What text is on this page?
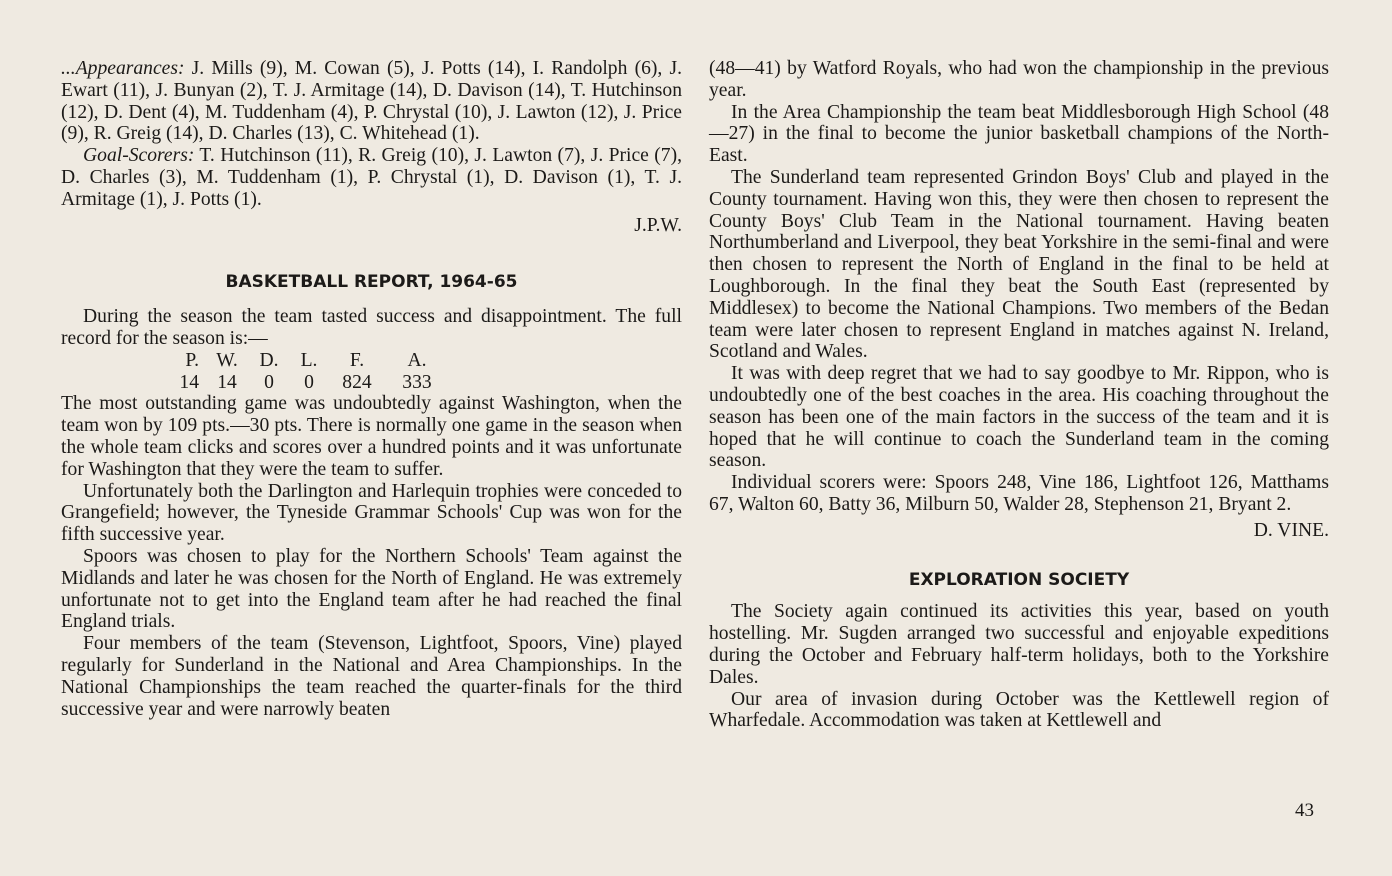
...Appearances: J. Mills (9), M. Cowan (5), J. Potts (14), I. Randolph (6), J. Ewart (11), J. Bunyan (2), T. J. Armitage (14), D. Davison (14), T. Hutchinson (12), D. Dent (4), M. Tuddenham (4), P. Chrystal (10), J. Lawton (12), J. Price (9), R. Greig (14), D. Charles (13), C. Whitehead (1).

Goal-Scorers: T. Hutchinson (11), R. Greig (10), J. Lawton (7), J. Price (7), D. Charles (3), M. Tuddenham (1), P. Chrystal (1), D. Davison (1), T. J. Armitage (1), J. Potts (1).

J.P.W.

BASKETBALL REPORT, 1964-65

During the season the team tasted success and disappointment. The full record for the season is:—

P. W.	D.	L.	F.	A.
14 14	0	0	824	333

The most outstanding game was undoubtedly against Washington, when the team won by 109 pts.—30 pts. There is normally one game in the season when the whole team clicks and scores over a hundred points and it was unfortunate for Washington that they were the team to suffer.

Unfortunately both the Darlington and Harlequin trophies were conceded to Grangefield; however, the Tyneside Grammar Schools' Cup was won for the fifth successive year.

Spoors was chosen to play for the Northern Schools' Team against the Midlands and later he was chosen for the North of England. He was extremely unfortunate not to get into the England team after he had reached the final England trials.

Four members of the team (Stevenson, Lightfoot, Spoors, Vine) played regularly for Sunderland in the National and Area Championships. In the National Championships the team reached the quarter-finals for the third successive year and were narrowly beaten

(48—41) by Watford Royals, who had won the championship in the previous year.

In the Area Championship the team beat Middlesborough High School (48—27) in the final to become the junior basketball champions of the North-East.

The Sunderland team represented Grindon Boys' Club and played in the County tournament. Having won this, they were then chosen to represent the County Boys' Club Team in the National tournament. Having beaten Northumberland and Liverpool, they beat Yorkshire in the semi-final and were then chosen to represent the North of England in the final to be held at Loughborough. In the final they beat the South East (represented by Middlesex) to become the National Champions. Two members of the Bedan team were later chosen to represent England in matches against N. Ireland, Scotland and Wales.

It was with deep regret that we had to say goodbye to Mr. Rippon, who is undoubtedly one of the best coaches in the area. His coaching throughout the season has been one of the main factors in the success of the team and it is hoped that he will continue to coach the Sunderland team in the coming season.

Individual scorers were: Spoors 248, Vine 186, Lightfoot 126, Matthams 67, Walton 60, Batty 36, Milburn 50, Walder 28, Stephenson 21, Bryant 2.

D. VINE.

EXPLORATION SOCIETY

The Society again continued its activities this year, based on youth hostelling. Mr. Sugden arranged two successful and enjoyable expeditions during the October and February half-term holidays, both to the Yorkshire Dales.

Our area of invasion during October was the Kettlewell region of Wharfedale. Accommodation was taken at Kettlewell and

43
